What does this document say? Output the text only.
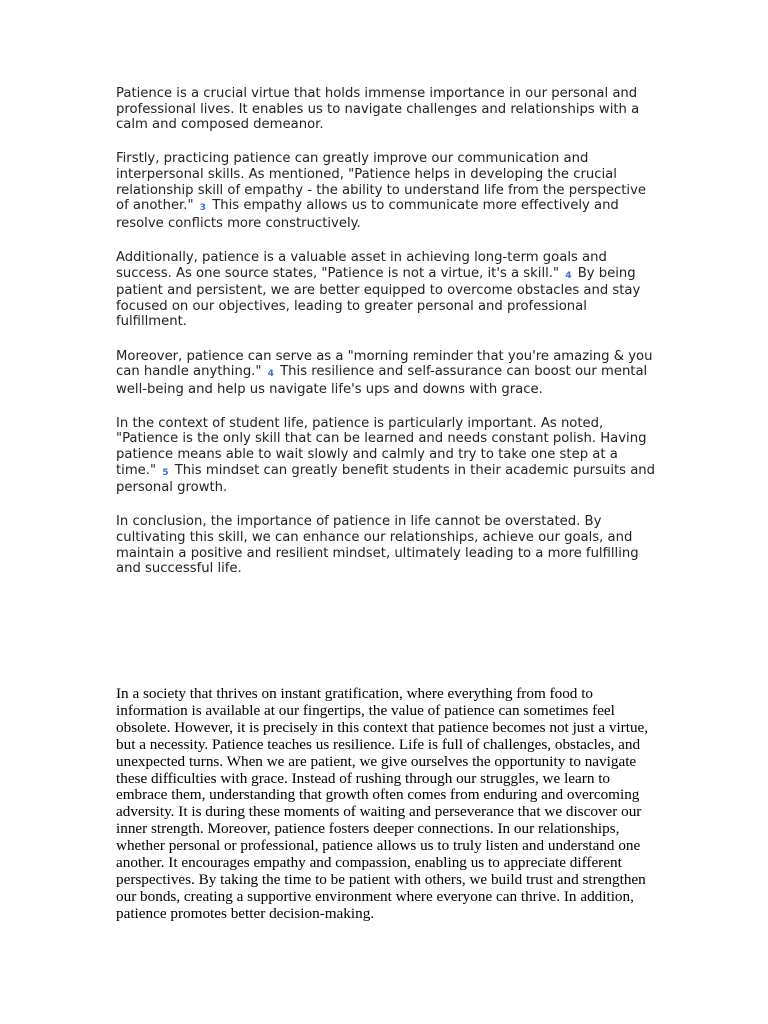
Patience is a crucial virtue that holds immense importance in our personal and professional lives. It enables us to navigate challenges and relationships with a calm and composed demeanor.

Firstly, practicing patience can greatly improve our communication and interpersonal skills. As mentioned, "Patience helps in developing the crucial relationship skill of empathy - the ability to understand life from the perspective of another." 3 This empathy allows us to communicate more effectively and resolve conflicts more constructively.

Additionally, patience is a valuable asset in achieving long-term goals and success. As one source states, "Patience is not a virtue, it's a skill." 4 By being patient and persistent, we are better equipped to overcome obstacles and stay focused on our objectives, leading to greater personal and professional fulfillment.

Moreover, patience can serve as a "morning reminder that you're amazing & you can handle anything." 4 This resilience and self-assurance can boost our mental well-being and help us navigate life's ups and downs with grace.

In the context of student life, patience is particularly important. As noted, "Patience is the only skill that can be learned and needs constant polish. Having patience means able to wait slowly and calmly and try to take one step at a time." 5 This mindset can greatly benefit students in their academic pursuits and personal growth.

In conclusion, the importance of patience in life cannot be overstated. By cultivating this skill, we can enhance our relationships, achieve our goals, and maintain a positive and resilient mindset, ultimately leading to a more fulfilling and successful life.

In a society that thrives on instant gratification, where everything from food to information is available at our fingertips, the value of patience can sometimes feel obsolete. However, it is precisely in this context that patience becomes not just a virtue, but a necessity. Patience teaches us resilience. Life is full of challenges, obstacles, and unexpected turns. When we are patient, we give ourselves the opportunity to navigate these difficulties with grace. Instead of rushing through our struggles, we learn to embrace them, understanding that growth often comes from enduring and overcoming adversity. It is during these moments of waiting and perseverance that we discover our inner strength. Moreover, patience fosters deeper connections. In our relationships, whether personal or professional, patience allows us to truly listen and understand one another. It encourages empathy and compassion, enabling us to appreciate different perspectives. By taking the time to be patient with others, we build trust and strengthen our bonds, creating a supportive environment where everyone can thrive. In addition, patience promotes better decision-making.
